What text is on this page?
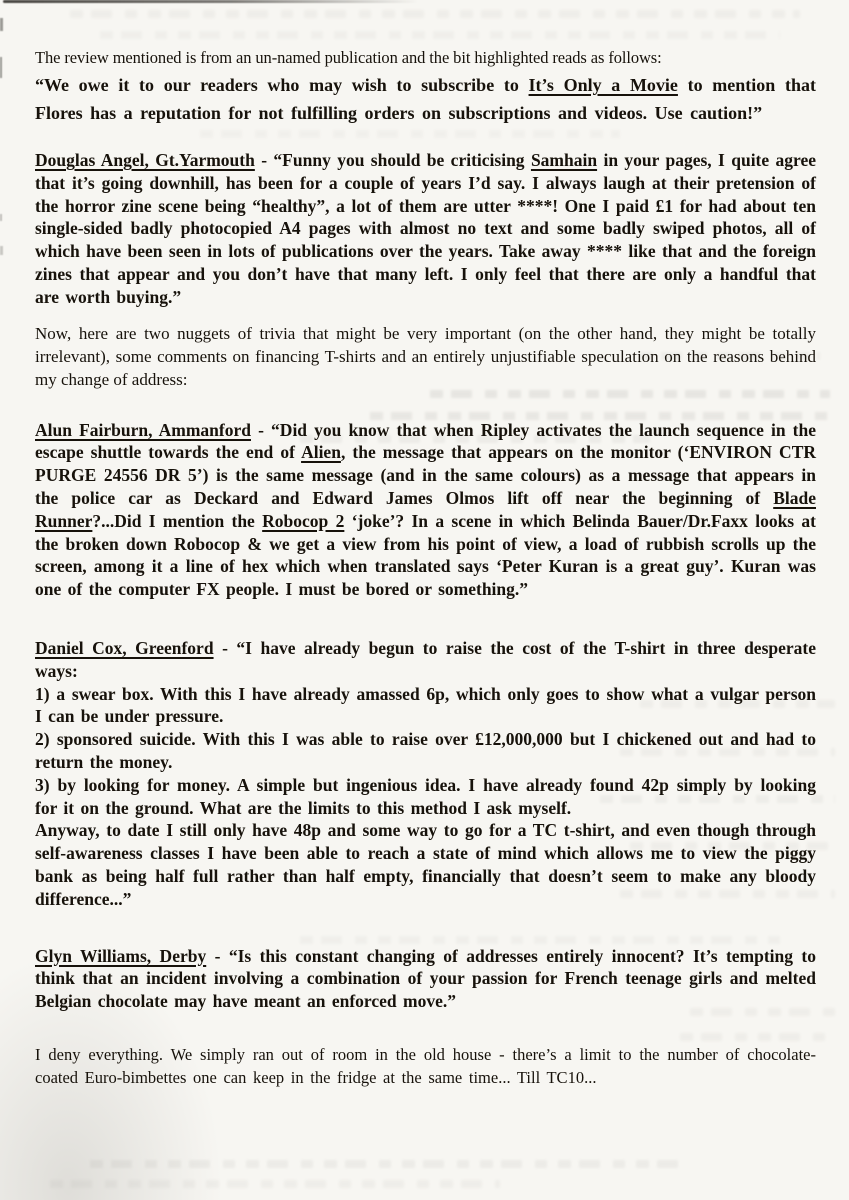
The review mentioned is from an un-named publication and the bit highlighted reads as follows:

“We owe it to our readers who may wish to subscribe to It’s Only a Movie to mention that Flores has a reputation for not fulfilling orders on subscriptions and videos. Use caution!”

Douglas Angel, Gt.Yarmouth - “Funny you should be criticising Samhain in your pages, I quite agree that it’s going downhill, has been for a couple of years I’d say. I always laugh at their pretension of the horror zine scene being “healthy”, a lot of them are utter ****! One I paid £1 for had about ten single-sided badly photocopied A4 pages with almost no text and some badly swiped photos, all of which have been seen in lots of publications over the years. Take away **** like that and the foreign zines that appear and you don’t have that many left. I only feel that there are only a handful that are worth buying.”

Now, here are two nuggets of trivia that might be very important (on the other hand, they might be totally irrelevant), some comments on financing T-shirts and an entirely unjustifiable speculation on the reasons behind my change of address:

Alun Fairburn, Ammanford - “Did you know that when Ripley activates the launch sequence in the escape shuttle towards the end of Alien, the message that appears on the monitor (‘ENVIRON CTR PURGE 24556 DR 5’) is the same message (and in the same colours) as a message that appears in the police car as Deckard and Edward James Olmos lift off near the beginning of Blade Runner?...Did I mention the Robocop 2 ‘joke’? In a scene in which Belinda Bauer/Dr.Faxx looks at the broken down Robocop & we get a view from his point of view, a load of rubbish scrolls up the screen, among it a line of hex which when translated says ‘Peter Kuran is a great guy’. Kuran was one of the computer FX people. I must be bored or something.”

Daniel Cox, Greenford - “I have already begun to raise the cost of the T-shirt in three desperate ways:

1) a swear box. With this I have already amassed 6p, which only goes to show what a vulgar person I can be under pressure.

2) sponsored suicide. With this I was able to raise over £12,000,000 but I chickened out and had to return the money.

3) by looking for money. A simple but ingenious idea. I have already found 42p simply by looking for it on the ground. What are the limits to this method I ask myself.

Anyway, to date I still only have 48p and some way to go for a TC t-shirt, and even though through self-awareness classes I have been able to reach a state of mind which allows me to view the piggy bank as being half full rather than half empty, financially that doesn’t seem to make any bloody difference...”

Glyn Williams, Derby - “Is this constant changing of addresses entirely innocent? It’s tempting to think that an incident involving a combination of your passion for French teenage girls and melted Belgian chocolate may have meant an enforced move.”

I deny everything. We simply ran out of room in the old house - there’s a limit to the number of chocolate-coated Euro-bimbettes one can keep in the fridge at the same time... Till TC10...
